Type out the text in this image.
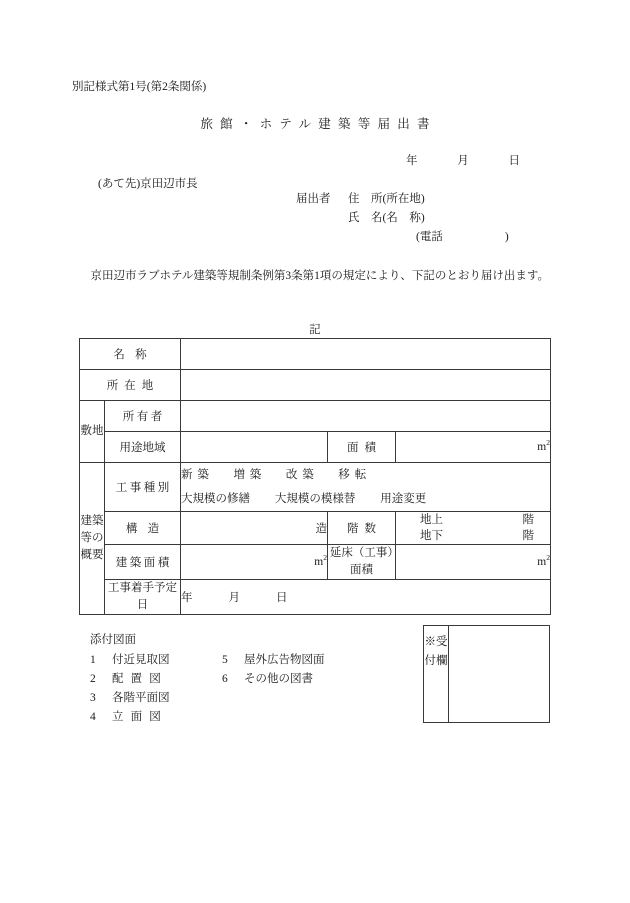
別記様式第1号(第2条関係)
旅館・ホテル建築等届出書
年	月	日
(あて先)京田辺市長
届出者 住　所(所在地)
氏　名(名　称)
(電話	)
京田辺市ラブホテル建築等規制条例第3条第1項の規定により、下記のとおり届け出ます。
記
名称				
所在地				
敷地	所有者			
	用途地域		面積	$m^2$
建築等の概要	工事種別	新築 増築 改築 移転
大規模の修繕 大規模の模様替 用途変更		

	構造	造	階数	地上 階
地下 階

	建築面積	$m^2$	延床（工事）面積	$m^2$
	工事着手予定日	年 月 日		
添付図面
1 付近見取図
2 配置図
3 各階平面図
4 立面図
5 屋外広告物図面
6 その他の図書
※受付欄
